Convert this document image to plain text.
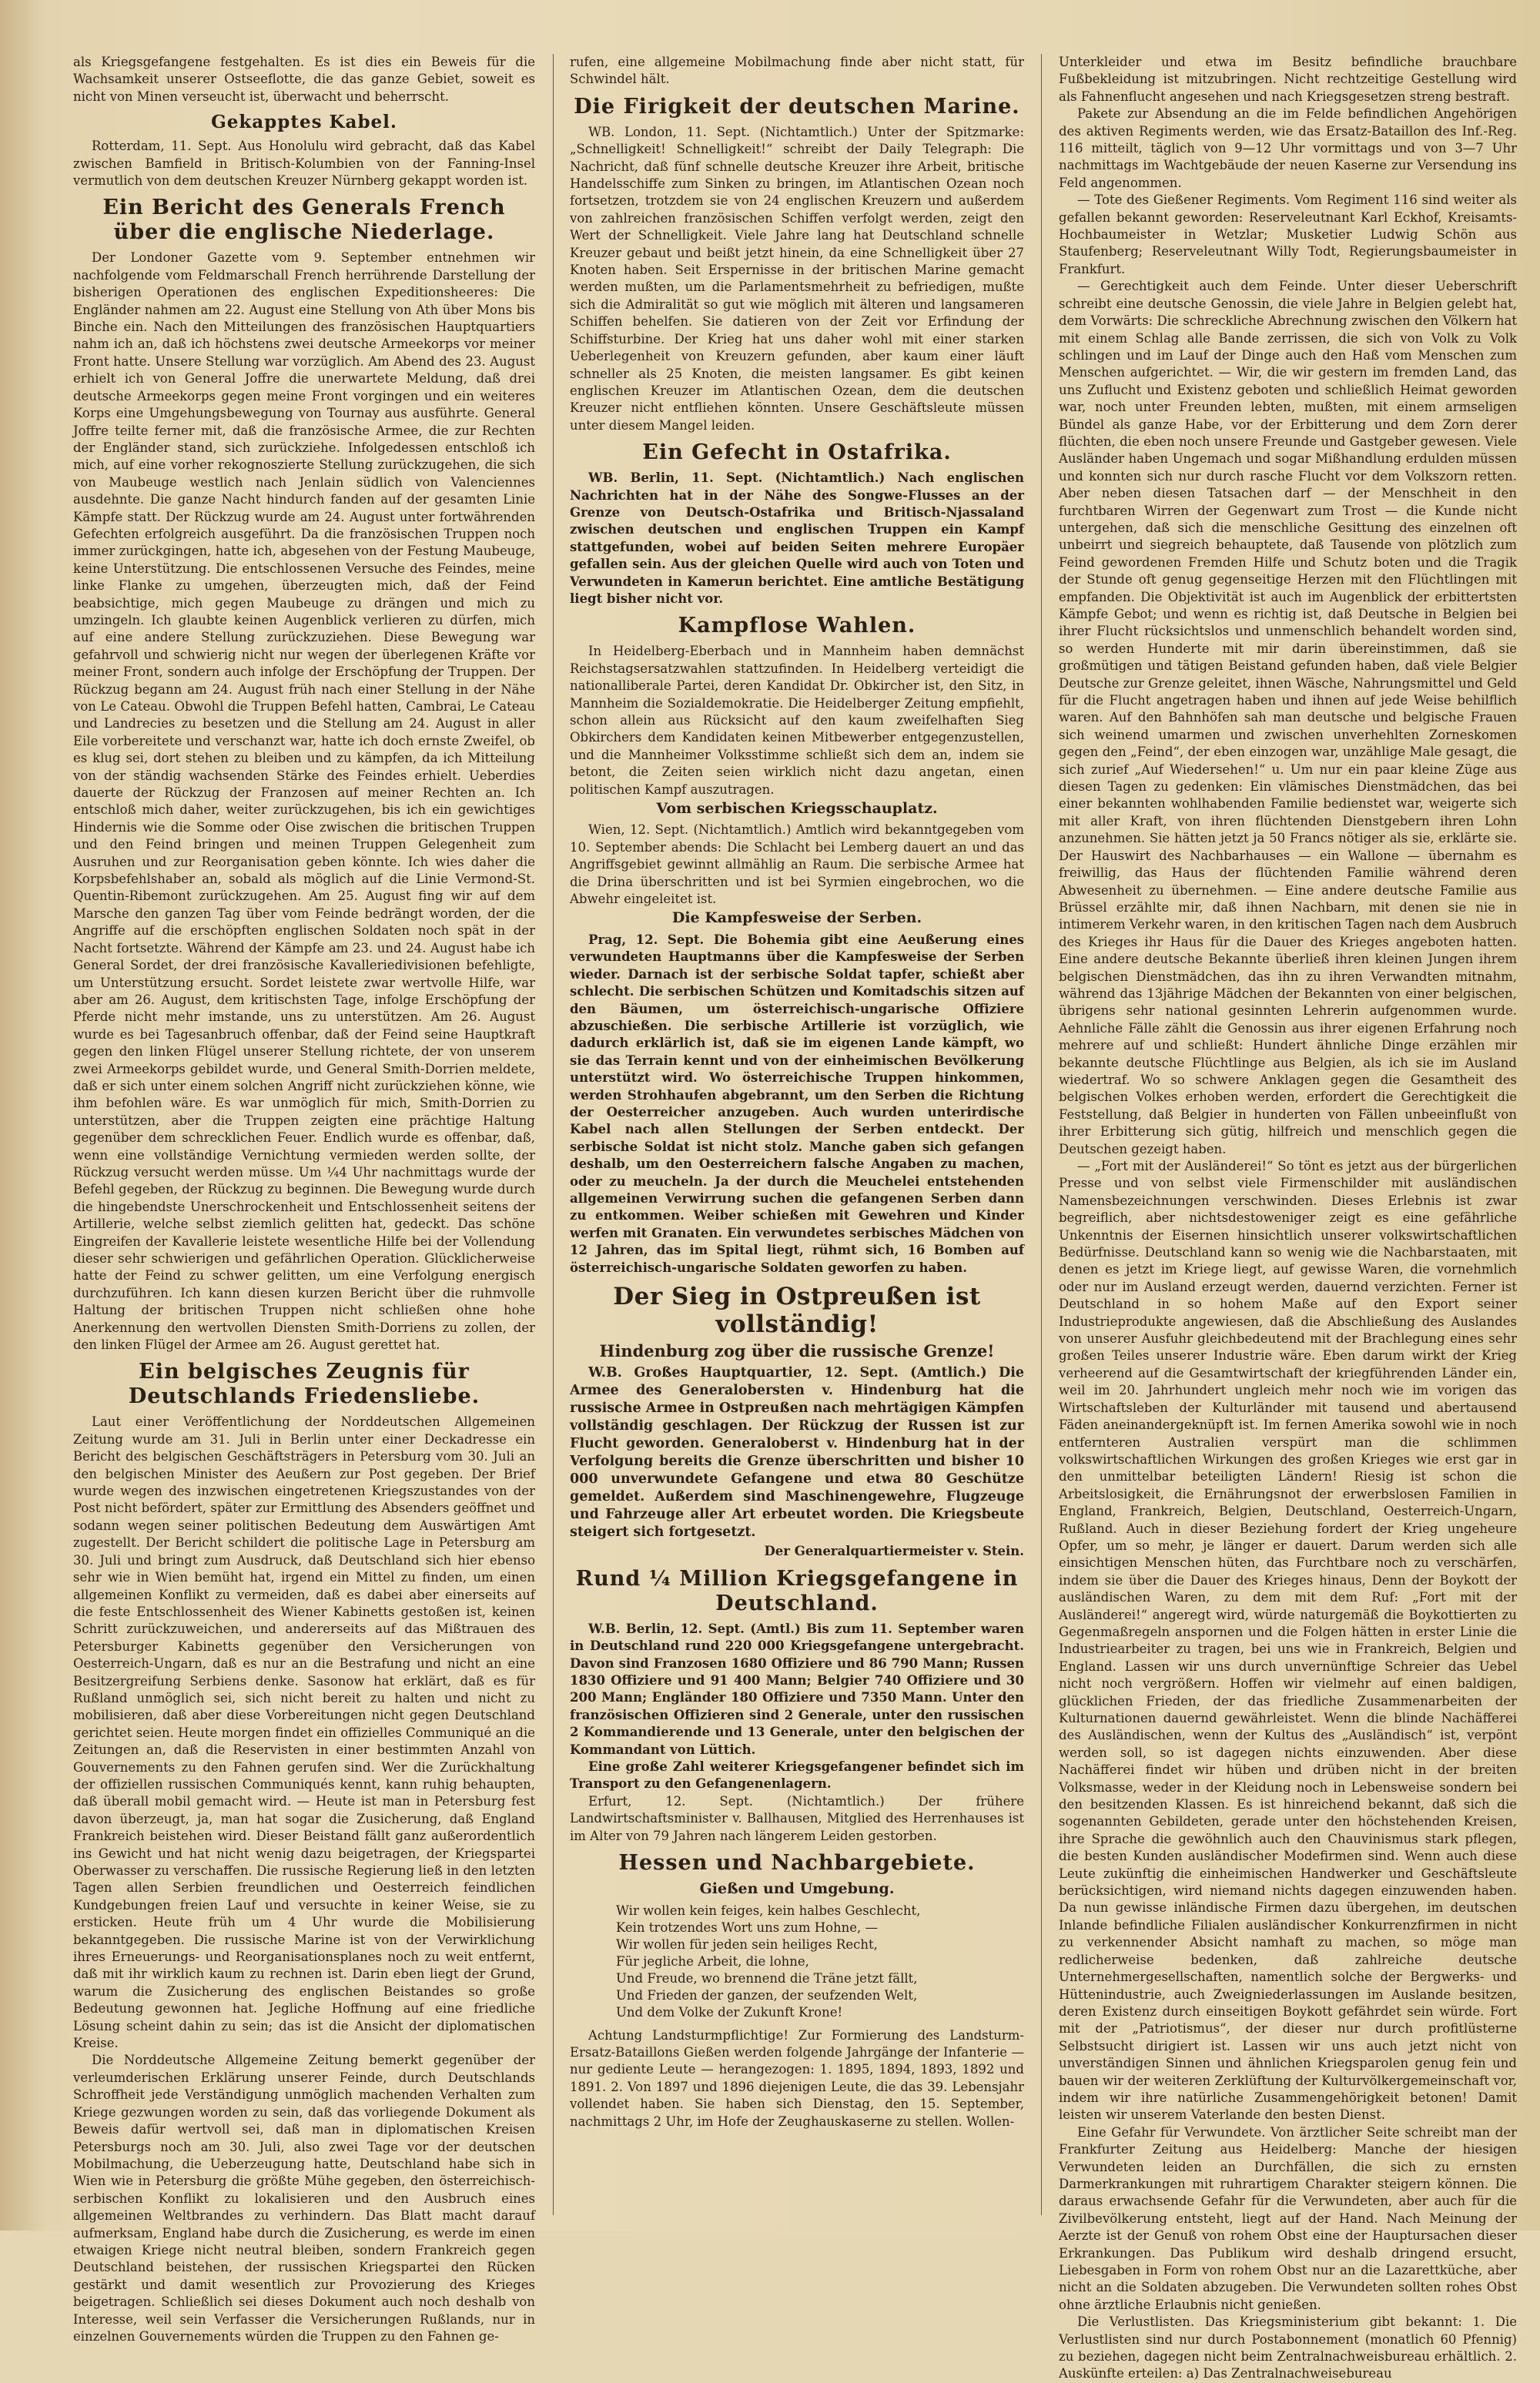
als Kriegsgefangene festgehalten. Es ist dies ein Beweis für die Wachsamkeit unserer Ostseeflotte, die das ganze Gebiet, soweit es nicht von Minen verseucht ist, überwacht und beherrscht.

Gekapptes Kabel.

Rotterdam, 11. Sept. Aus Honolulu wird gebracht, daß das Kabel zwischen Bamfield in Britisch-Kolumbien von der Fanning-Insel vermutlich von dem deutschen Kreuzer Nürnberg gekappt worden ist.

Ein Bericht des Generals French über die englische Niederlage.

Der Londoner Gazette vom 9. September entnehmen wir nachfolgende vom Feldmarschall French herrührende Darstellung der bisherigen Operationen des englischen Expeditionsheeres: Die Engländer nahmen am 22. August eine Stellung von Ath über Mons bis Binche ein. Nach den Mitteilungen des französischen Hauptquartiers nahm ich an, daß ich höchstens zwei deutsche Armeekorps vor meiner Front hatte. Unsere Stellung war vorzüglich. Am Abend des 23. August erhielt ich von General Joffre die unerwartete Meldung, daß drei deutsche Armeekorps gegen meine Front vorgingen und ein weiteres Korps eine Umgehungsbewegung von Tournay aus ausführte. General Joffre teilte ferner mit, daß die französische Armee, die zur Rechten der Engländer stand, sich zurückziehe. Infolgedessen entschloß ich mich, auf eine vorher rekognoszierte Stellung zurückzugehen, die sich von Maubeuge westlich nach Jenlain südlich von Valenciennes ausdehnte. Die ganze Nacht hindurch fanden auf der gesamten Linie Kämpfe statt. Der Rückzug wurde am 24. August unter fortwährenden Gefechten erfolgreich ausgeführt. Da die französischen Truppen noch immer zurückgingen, hatte ich, abgesehen von der Festung Maubeuge, keine Unterstützung. Die entschlossenen Versuche des Feindes, meine linke Flanke zu umgehen, überzeugten mich, daß der Feind beabsichtige, mich gegen Maubeuge zu drängen und mich zu umzingeln. Ich glaubte keinen Augenblick verlieren zu dürfen, mich auf eine andere Stellung zurückzuziehen. Diese Bewegung war gefahrvoll und schwierig nicht nur wegen der überlegenen Kräfte vor meiner Front, sondern auch infolge der Erschöpfung der Truppen. Der Rückzug begann am 24. August früh nach einer Stellung in der Nähe von Le Cateau. Obwohl die Truppen Befehl hatten, Cambrai, Le Cateau und Landrecies zu besetzen und die Stellung am 24. August in aller Eile vorbereitete und verschanzt war, hatte ich doch ernste Zweifel, ob es klug sei, dort stehen zu bleiben und zu kämpfen, da ich Mitteilung von der ständig wachsenden Stärke des Feindes erhielt. Ueberdies dauerte der Rückzug der Franzosen auf meiner Rechten an. Ich entschloß mich daher, weiter zurückzugehen, bis ich ein gewichtiges Hindernis wie die Somme oder Oise zwischen die britischen Truppen und den Feind bringen und meinen Truppen Gelegenheit zum Ausruhen und zur Reorganisation geben könnte. Ich wies daher die Korpsbefehlshaber an, sobald als möglich auf die Linie Vermond-St. Quentin-Ribemont zurückzugehen. Am 25. August fing wir auf dem Marsche den ganzen Tag über vom Feinde bedrängt worden, der die Angriffe auf die erschöpften englischen Soldaten noch spät in der Nacht fortsetzte. Während der Kämpfe am 23. und 24. August habe ich General Sordet, der drei französische Kavalleriedivisionen befehligte, um Unterstützung ersucht. Sordet leistete zwar wertvolle Hilfe, war aber am 26. August, dem kritischsten Tage, infolge Erschöpfung der Pferde nicht mehr imstande, uns zu unterstützen. Am 26. August wurde es bei Tagesanbruch offenbar, daß der Feind seine Hauptkraft gegen den linken Flügel unserer Stellung richtete, der von unserem zwei Armeekorps gebildet wurde, und General Smith-Dorrien meldete, daß er sich unter einem solchen Angriff nicht zurückziehen könne, wie ihm befohlen wäre. Es war unmöglich für mich, Smith-Dorrien zu unterstützen, aber die Truppen zeigten eine prächtige Haltung gegenüber dem schrecklichen Feuer. Endlich wurde es offenbar, daß, wenn eine vollständige Vernichtung vermieden werden sollte, der Rückzug versucht werden müsse. Um ¼4 Uhr nachmittags wurde der Befehl gegeben, der Rückzug zu beginnen. Die Bewegung wurde durch die hingebendste Unerschrockenheit und Entschlossenheit seitens der Artillerie, welche selbst ziemlich gelitten hat, gedeckt. Das schöne Eingreifen der Kavallerie leistete wesentliche Hilfe bei der Vollendung dieser sehr schwierigen und gefährlichen Operation. Glücklicherweise hatte der Feind zu schwer gelitten, um eine Verfolgung energisch durchzuführen. Ich kann diesen kurzen Bericht über die ruhmvolle Haltung der britischen Truppen nicht schließen ohne hohe Anerkennung den wertvollen Diensten Smith-Dorriens zu zollen, der den linken Flügel der Armee am 26. August gerettet hat.

Ein belgisches Zeugnis für Deutschlands Friedensliebe.

Laut einer Veröffentlichung der Norddeutschen Allgemeinen Zeitung wurde am 31. Juli in Berlin unter einer Deckadresse ein Bericht des belgischen Geschäftsträgers in Petersburg vom 30. Juli an den belgischen Minister des Aeußern zur Post gegeben. Der Brief wurde wegen des inzwischen eingetretenen Kriegszustandes von der Post nicht befördert, später zur Ermittlung des Absenders geöffnet und sodann wegen seiner politischen Bedeutung dem Auswärtigen Amt zugestellt. Der Bericht schildert die politische Lage in Petersburg am 30. Juli und bringt zum Ausdruck, daß Deutschland sich hier ebenso sehr wie in Wien bemüht hat, irgend ein Mittel zu finden, um einen allgemeinen Konflikt zu vermeiden, daß es dabei aber einerseits auf die feste Entschlossenheit des Wiener Kabinetts gestoßen ist, keinen Schritt zurückzuweichen, und andererseits auf das Mißtrauen des Petersburger Kabinetts gegenüber den Versicherungen von Oesterreich-Ungarn, daß es nur an die Bestrafung und nicht an eine Besitzergreifung Serbiens denke. Sasonow hat erklärt, daß es für Rußland unmöglich sei, sich nicht bereit zu halten und nicht zu mobilisieren, daß aber diese Vorbereitungen nicht gegen Deutschland gerichtet seien. Heute morgen findet ein offizielles Communiqué an die Zeitungen an, daß die Reservisten in einer bestimmten Anzahl von Gouvernements zu den Fahnen gerufen sind. Wer die Zurückhaltung der offiziellen russischen Communiqués kennt, kann ruhig behaupten, daß überall mobil gemacht wird. — Heute ist man in Petersburg fest davon überzeugt, ja, man hat sogar die Zusicherung, daß England Frankreich beistehen wird. Dieser Beistand fällt ganz außerordentlich ins Gewicht und hat nicht wenig dazu beigetragen, der Kriegspartei Oberwasser zu verschaffen. Die russische Regierung ließ in den letzten Tagen allen Serbien freundlichen und Oesterreich feindlichen Kundgebungen freien Lauf und versuchte in keiner Weise, sie zu ersticken. Heute früh um 4 Uhr wurde die Mobilisierung bekanntgegeben. Die russische Marine ist von der Verwirklichung ihres Erneuerungs- und Reorganisationsplanes noch zu weit entfernt, daß mit ihr wirklich kaum zu rechnen ist. Darin eben liegt der Grund, warum die Zusicherung des englischen Beistandes so große Bedeutung gewonnen hat. Jegliche Hoffnung auf eine friedliche Lösung scheint dahin zu sein; das ist die Ansicht der diplomatischen Kreise.

Die Norddeutsche Allgemeine Zeitung bemerkt gegenüber der verleumderischen Erklärung unserer Feinde, durch Deutschlands Schroffheit jede Verständigung unmöglich machenden Verhalten zum Kriege gezwungen worden zu sein, daß das vorliegende Dokument als Beweis dafür wertvoll sei, daß man in diplomatischen Kreisen Petersburgs noch am 30. Juli, also zwei Tage vor der deutschen Mobilmachung, die Ueberzeugung hatte, Deutschland habe sich in Wien wie in Petersburg die größte Mühe gegeben, den österreichisch-serbischen Konflikt zu lokalisieren und den Ausbruch eines allgemeinen Weltbrandes zu verhindern. Das Blatt macht darauf aufmerksam, England habe durch die Zusicherung, es werde im einen etwaigen Kriege nicht neutral bleiben, sondern Frankreich gegen Deutschland beistehen, der russischen Kriegspartei den Rücken gestärkt und damit wesentlich zur Provozierung des Krieges beigetragen. Schließlich sei dieses Dokument auch noch deshalb von Interesse, weil sein Verfasser die Versicherungen Rußlands, nur in einzelnen Gouvernements würden die Truppen zu den Fahnen ge-

rufen, eine allgemeine Mobilmachung finde aber nicht statt, für Schwindel hält.

Die Firigkeit der deutschen Marine.

WB. London, 11. Sept. (Nichtamtlich.) Unter der Spitzmarke: „Schnelligkeit! Schnelligkeit!“ schreibt der Daily Telegraph: Die Nachricht, daß fünf schnelle deutsche Kreuzer ihre Arbeit, britische Handelsschiffe zum Sinken zu bringen, im Atlantischen Ozean noch fortsetzen, trotzdem sie von 24 englischen Kreuzern und außerdem von zahlreichen französischen Schiffen verfolgt werden, zeigt den Wert der Schnelligkeit. Viele Jahre lang hat Deutschland schnelle Kreuzer gebaut und beißt jetzt hinein, da eine Schnelligkeit über 27 Knoten haben. Seit Erspernisse in der britischen Marine gemacht werden mußten, um die Parlamentsmehrheit zu befriedigen, mußte sich die Admiralität so gut wie möglich mit älteren und langsameren Schiffen behelfen. Sie datieren von der Zeit vor Erfindung der Schiffsturbine. Der Krieg hat uns daher wohl mit einer starken Ueberlegenheit von Kreuzern gefunden, aber kaum einer läuft schneller als 25 Knoten, die meisten langsamer. Es gibt keinen englischen Kreuzer im Atlantischen Ozean, dem die deutschen Kreuzer nicht entfliehen könnten. Unsere Geschäftsleute müssen unter diesem Mangel leiden.

Ein Gefecht in Ostafrika.

WB. Berlin, 11. Sept. (Nichtamtlich.) Nach englischen Nachrichten hat in der Nähe des Songwe-Flusses an der Grenze von Deutsch-Ostafrika und Britisch-Njassaland zwischen deutschen und englischen Truppen ein Kampf stattgefunden, wobei auf beiden Seiten mehrere Europäer gefallen sein. Aus der gleichen Quelle wird auch von Toten und Verwundeten in Kamerun berichtet. Eine amtliche Bestätigung liegt bisher nicht vor.

Kampflose Wahlen.

In Heidelberg-Eberbach und in Mannheim haben demnächst Reichstagsersatzwahlen stattzufinden. In Heidelberg verteidigt die nationalliberale Partei, deren Kandidat Dr. Obkircher ist, den Sitz, in Mannheim die Sozialdemokratie. Die Heidelberger Zeitung empfiehlt, schon allein aus Rücksicht auf den kaum zweifelhaften Sieg Obkirchers dem Kandidaten keinen Mitbewerber entgegenzustellen, und die Mannheimer Volksstimme schließt sich dem an, indem sie betont, die Zeiten seien wirklich nicht dazu angetan, einen politischen Kampf auszutragen.

Vom serbischen Kriegsschauplatz.

Wien, 12. Sept. (Nichtamtlich.) Amtlich wird bekanntgegeben vom 10. September abends: Die Schlacht bei Lemberg dauert an und das Angriffsgebiet gewinnt allmählig an Raum. Die serbische Armee hat die Drina überschritten und ist bei Syrmien eingebrochen, wo die Abwehr eingeleitet ist.

Die Kampfesweise der Serben.

Prag, 12. Sept. Die Bohemia gibt eine Aeußerung eines verwundeten Hauptmanns über die Kampfesweise der Serben wieder. Darnach ist der serbische Soldat tapfer, schießt aber schlecht. Die serbischen Schützen und Komitadschis sitzen auf den Bäumen, um österreichisch-ungarische Offiziere abzuschießen. Die serbische Artillerie ist vorzüglich, wie dadurch erklärlich ist, daß sie im eigenen Lande kämpft, wo sie das Terrain kennt und von der einheimischen Bevölkerung unterstützt wird. Wo österreichische Truppen hinkommen, werden Strohhaufen abgebrannt, um den Serben die Richtung der Oesterreicher anzugeben. Auch wurden unterirdische Kabel nach allen Stellungen der Serben entdeckt. Der serbische Soldat ist nicht stolz. Manche gaben sich gefangen deshalb, um den Oesterreichern falsche Angaben zu machen, oder zu meucheln. Ja der durch die Meuchelei entstehenden allgemeinen Verwirrung suchen die gefangenen Serben dann zu entkommen. Weiber schießen mit Gewehren und Kinder werfen mit Granaten. Ein verwundetes serbisches Mädchen von 12 Jahren, das im Spital liegt, rühmt sich, 16 Bomben auf österreichisch-ungarische Soldaten geworfen zu haben.

Der Sieg in Ostpreußen ist vollständig!
Hindenburg zog über die russische Grenze!

W.B. Großes Hauptquartier, 12. Sept. (Amtlich.) Die Armee des Generalobersten v. Hindenburg hat die russische Armee in Ostpreußen nach mehrtägigen Kämpfen vollständig geschlagen. Der Rückzug der Russen ist zur Flucht geworden. Generaloberst v. Hindenburg hat in der Verfolgung bereits die Grenze überschritten und bisher 10 000 unverwundete Gefangene und etwa 80 Geschütze gemeldet. Außerdem sind Maschinengewehre, Flugzeuge und Fahrzeuge aller Art erbeutet worden. Die Kriegsbeute steigert sich fortgesetzt.

Der Generalquartiermeister v. Stein.
Rund ¼ Million Kriegsgefangene in Deutschland.

W.B. Berlin, 12. Sept. (Amtl.) Bis zum 11. September waren in Deutschland rund 220 000 Kriegsgefangene untergebracht. Davon sind Franzosen 1680 Offiziere und 86 790 Mann; Russen 1830 Offiziere und 91 400 Mann; Belgier 740 Offiziere und 30 200 Mann; Engländer 180 Offiziere und 7350 Mann. Unter den französischen Offizieren sind 2 Generale, unter den russischen 2 Kommandierende und 13 Generale, unter den belgischen der Kommandant von Lüttich.

Eine große Zahl weiterer Kriegsgefangener befindet sich im Transport zu den Gefangenenlagern.

Erfurt, 12. Sept. (Nichtamtlich.) Der frühere Landwirtschaftsminister v. Ballhausen, Mitglied des Herrenhauses ist im Alter von 79 Jahren nach längerem Leiden gestorben.

Hessen und Nachbargebiete.
Gießen und Umgebung.
Wir wollen kein feiges, kein halbes Geschlecht,
Kein trotzendes Wort uns zum Hohne, —
Wir wollen für jeden sein heiliges Recht,
Für jegliche Arbeit, die lohne,
Und Freude, wo brennend die Träne jetzt fällt,
Und Frieden der ganzen, der seufzenden Welt,
Und dem Volke der Zukunft Krone!

Achtung Landsturmpflichtige! Zur Formierung des Landsturm-Ersatz-Bataillons Gießen werden folgende Jahrgänge der Infanterie — nur gediente Leute — herangezogen: 1. 1895, 1894, 1893, 1892 und 1891. 2. Von 1897 und 1896 diejenigen Leute, die das 39. Lebensjahr vollendet haben. Sie haben sich Dienstag, den 15. September, nachmittags 2 Uhr, im Hofe der Zeughauskaserne zu stellen. Wollen-

Unterkleider und etwa im Besitz befindliche brauchbare Fußbekleidung ist mitzubringen. Nicht rechtzeitige Gestellung wird als Fahnenflucht angesehen und nach Kriegsgesetzen streng bestraft.

Pakete zur Absendung an die im Felde befindlichen Angehörigen des aktiven Regiments werden, wie das Ersatz-Bataillon des Inf.-Reg. 116 mitteilt, täglich von 9—12 Uhr vormittags und von 3—7 Uhr nachmittags im Wachtgebäude der neuen Kaserne zur Versendung ins Feld angenommen.

— Tote des Gießener Regiments. Vom Regiment 116 sind weiter als gefallen bekannt geworden: Reserveleutnant Karl Eckhof, Kreisamts-Hochbaumeister in Wetzlar; Musketier Ludwig Schön aus Staufenberg; Reserveleutnant Willy Todt, Regierungsbaumeister in Frankfurt.

— Gerechtigkeit auch dem Feinde. Unter dieser Ueberschrift schreibt eine deutsche Genossin, die viele Jahre in Belgien gelebt hat, dem Vorwärts: Die schreckliche Abrechnung zwischen den Völkern hat mit einem Schlag alle Bande zerrissen, die sich von Volk zu Volk schlingen und im Lauf der Dinge auch den Haß vom Menschen zum Menschen aufgerichtet. — Wir, die wir gestern im fremden Land, das uns Zuflucht und Existenz geboten und schließlich Heimat geworden war, noch unter Freunden lebten, mußten, mit einem armseligen Bündel als ganze Habe, vor der Erbitterung und dem Zorn derer flüchten, die eben noch unsere Freunde und Gastgeber gewesen. Viele Ausländer haben Ungemach und sogar Mißhandlung erdulden müssen und konnten sich nur durch rasche Flucht vor dem Volkszorn retten. Aber neben diesen Tatsachen darf — der Menschheit in den furchtbaren Wirren der Gegenwart zum Trost — die Kunde nicht untergehen, daß sich die menschliche Gesittung des einzelnen oft unbeirrt und siegreich behauptete, daß Tausende von plötzlich zum Feind gewordenen Fremden Hilfe und Schutz boten und die Tragik der Stunde oft genug gegenseitige Herzen mit den Flüchtlingen mit empfanden. Die Objektivität ist auch im Augenblick der erbittertsten Kämpfe Gebot; und wenn es richtig ist, daß Deutsche in Belgien bei ihrer Flucht rücksichtslos und unmenschlich behandelt worden sind, so werden Hunderte mit mir darin übereinstimmen, daß sie großmütigen und tätigen Beistand gefunden haben, daß viele Belgier Deutsche zur Grenze geleitet, ihnen Wäsche, Nahrungsmittel und Geld für die Flucht angetragen haben und ihnen auf jede Weise behilflich waren. Auf den Bahnhöfen sah man deutsche und belgische Frauen sich weinend umarmen und zwischen unverhehlten Zorneskomen gegen den „Feind“, der eben einzogen war, unzählige Male gesagt, die sich zurief „Auf Wiedersehen!“ u. Um nur ein paar kleine Züge aus diesen Tagen zu gedenken: Ein vlämisches Dienstmädchen, das bei einer bekannten wohlhabenden Familie bedienstet war, weigerte sich mit aller Kraft, von ihren flüchtenden Dienstgebern ihren Lohn anzunehmen. Sie hätten jetzt ja 50 Francs nötiger als sie, erklärte sie. Der Hauswirt des Nachbarhauses — ein Wallone — übernahm es freiwillig, das Haus der flüchtenden Familie während deren Abwesenheit zu übernehmen. — Eine andere deutsche Familie aus Brüssel erzählte mir, daß ihnen Nachbarn, mit denen sie nie in intimerem Verkehr waren, in den kritischen Tagen nach dem Ausbruch des Krieges ihr Haus für die Dauer des Krieges angeboten hatten. Eine andere deutsche Bekannte überließ ihren kleinen Jungen ihrem belgischen Dienstmädchen, das ihn zu ihren Verwandten mitnahm, während das 13jährige Mädchen der Bekannten von einer belgischen, übrigens sehr national gesinnten Lehrerin aufgenommen wurde. Aehnliche Fälle zählt die Genossin aus ihrer eigenen Erfahrung noch mehrere auf und schließt: Hundert ähnliche Dinge erzählen mir bekannte deutsche Flüchtlinge aus Belgien, als ich sie im Ausland wiedertraf. Wo so schwere Anklagen gegen die Gesamtheit des belgischen Volkes erhoben werden, erfordert die Gerechtigkeit die Feststellung, daß Belgier in hunderten von Fällen unbeeinflußt von ihrer Erbitterung sich gütig, hilfreich und menschlich gegen die Deutschen gezeigt haben.

— „Fort mit der Ausländerei!“ So tönt es jetzt aus der bürgerlichen Presse und von selbst viele Firmenschilder mit ausländischen Namensbezeichnungen verschwinden. Dieses Erlebnis ist zwar begreiflich, aber nichtsdestoweniger zeigt es eine gefährliche Unkenntnis der Eisernen hinsichtlich unserer volkswirtschaftlichen Bedürfnisse. Deutschland kann so wenig wie die Nachbarstaaten, mit denen es jetzt im Kriege liegt, auf gewisse Waren, die vornehmlich oder nur im Ausland erzeugt werden, dauernd verzichten. Ferner ist Deutschland in so hohem Maße auf den Export seiner Industrieprodukte angewiesen, daß die Abschließung des Auslandes von unserer Ausfuhr gleichbedeutend mit der Brachlegung eines sehr großen Teiles unserer Industrie wäre. Eben darum wirkt der Krieg verheerend auf die Gesamtwirtschaft der kriegführenden Länder ein, weil im 20. Jahrhundert ungleich mehr noch wie im vorigen das Wirtschaftsleben der Kulturländer mit tausend und abertausend Fäden aneinandergeknüpft ist. Im fernen Amerika sowohl wie in noch entfernteren Australien verspürt man die schlimmen volkswirtschaftlichen Wirkungen des großen Krieges wie erst gar in den unmittelbar beteiligten Ländern! Riesig ist schon die Arbeitslosigkeit, die Ernährungsnot der erwerbslosen Familien in England, Frankreich, Belgien, Deutschland, Oesterreich-Ungarn, Rußland. Auch in dieser Beziehung fordert der Krieg ungeheure Opfer, um so mehr, je länger er dauert. Darum werden sich alle einsichtigen Menschen hüten, das Furchtbare noch zu verschärfen, indem sie über die Dauer des Krieges hinaus, Denn der Boykott der ausländischen Waren, zu dem mit dem Ruf: „Fort mit der Ausländerei!“ angeregt wird, würde naturgemäß die Boykottierten zu Gegenmaßregeln anspornen und die Folgen hätten in erster Linie die Industriearbeiter zu tragen, bei uns wie in Frankreich, Belgien und England. Lassen wir uns durch unvernünftige Schreier das Uebel nicht noch vergrößern. Hoffen wir vielmehr auf einen baldigen, glücklichen Frieden, der das friedliche Zusammenarbeiten der Kulturnationen dauernd gewährleistet. Wenn die blinde Nachäfferei des Ausländischen, wenn der Kultus des „Ausländisch“ ist, verpönt werden soll, so ist dagegen nichts einzuwenden. Aber diese Nachäfferei findet wir hüben und drüben nicht in der breiten Volksmasse, weder in der Kleidung noch in Lebensweise sondern bei den besitzenden Klassen. Es ist hinreichend bekannt, daß sich die sogenannten Gebildeten, gerade unter den höchstehenden Kreisen, ihre Sprache die gewöhnlich auch den Chauvinismus stark pflegen, die besten Kunden ausländischer Modefirmen sind. Wenn auch diese Leute zukünftig die einheimischen Handwerker und Geschäftsleute berücksichtigen, wird niemand nichts dagegen einzuwenden haben. Da nun gewisse inländische Firmen dazu übergehen, im deutschen Inlande befindliche Filialen ausländischer Konkurrenzfirmen in nicht zu verkennender Absicht namhaft zu machen, so möge man redlicherweise bedenken, daß zahlreiche deutsche Unternehmergesellschaften, namentlich solche der Bergwerks- und Hüttenindustrie, auch Zweigniederlassungen im Auslande besitzen, deren Existenz durch einseitigen Boykott gefährdet sein würde. Fort mit der „Patriotismus“, der dieser nur durch profitlüsterne Selbstsucht dirigiert ist. Lassen wir uns auch jetzt nicht von unverständigen Sinnen und ähnlichen Kriegsparolen genug fein und bauen wir der weiteren Zerklüftung der Kulturvölkergemeinschaft vor, indem wir ihre natürliche Zusammengehörigkeit betonen! Damit leisten wir unserem Vaterlande den besten Dienst.

Eine Gefahr für Verwundete. Von ärztlicher Seite schreibt man der Frankfurter Zeitung aus Heidelberg: Manche der hiesigen Verwundeten leiden an Durchfällen, die sich zu ernsten Darmerkrankungen mit ruhrartigem Charakter steigern können. Die daraus erwachsende Gefahr für die Verwundeten, aber auch für die Zivilbevölkerung entsteht, liegt auf der Hand. Nach Meinung der Aerzte ist der Genuß von rohem Obst eine der Hauptursachen dieser Erkrankungen. Das Publikum wird deshalb dringend ersucht, Liebesgaben in Form von rohem Obst nur an die Lazarettküche, aber nicht an die Soldaten abzugeben. Die Verwundeten sollten rohes Obst ohne ärztliche Erlaubnis nicht genießen.

Die Verlustlisten. Das Kriegsministerium gibt bekannt: 1. Die Verlustlisten sind nur durch Postabonnement (monatlich 60 Pfennig) zu beziehen, dagegen nicht beim Zentralnachweisbureau erhältlich. 2. Auskünfte erteilen: a) Das Zentralnachweisebureau
